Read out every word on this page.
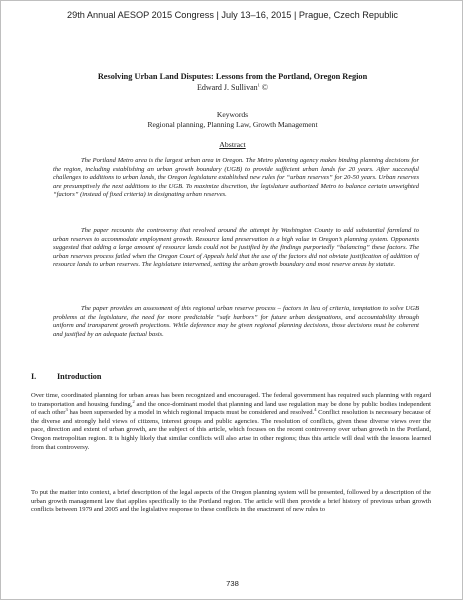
29th Annual AESOP 2015 Congress | July 13–16, 2015 | Prague, Czech Republic
Resolving Urban Land Disputes: Lessons from the Portland, Oregon Region
Edward J. Sullivan$^1$ ©
Keywords
Regional planning, Planning Law, Growth Management
Abstract

The Portland Metro area is the largest urban area in Oregon. The Metro planning agency makes binding planning decisions for the region, including establishing an urban growth boundary (UGB) to provide sufficient urban lands for 20 years. After successful challenges to additions to urban lands, the Oregon legislature established new rules for “urban reserves” for 20-50 years. Urban reserves are presumptively the next additions to the UGB. To maximize discretion, the legislature authorized Metro to balance certain unweighted “factors” (instead of fixed criteria) in designating urban reserves.

The paper recounts the controversy that revolved around the attempt by Washington County to add substantial farmland to urban reserves to accommodate employment growth. Resource land preservation is a high value in Oregon’s planning system. Opponents suggested that adding a large amount of resource lands could not be justified by the findings purportedly “balancing” these factors. The urban reserves process failed when the Oregon Court of Appeals held that the use of the factors did not obviate justification of addition of resource lands to urban reserves. The legislature intervened, setting the urban growth boundary and most reserve areas by statute.

The paper provides an assessment of this regional urban reserve process – factors in lieu of criteria, temptation to solve UGB problems at the legislature, the need for more predictable “safe harbors” for future urban designations, and accountability through uniform and transparent growth projections. While deference may be given regional planning decisions, those decisions must be coherent and justified by an adequate factual basis.

I.	Introduction

Over time, coordinated planning for urban areas has been recognized and encouraged. The federal government has required such planning with regard to transportation and housing funding,$^2$ and the once-dominant model that planning and land use regulation may be done by public bodies independent of each other$^3$ has been superseded by a model in which regional impacts must be considered and resolved.$^4$ Conflict resolution is necessary because of the diverse and strongly held views of citizens, interest groups and public agencies. The resolution of conflicts, given these diverse views over the pace, direction and extent of urban growth, are the subject of this article, which focuses on the recent controversy over urban growth in the Portland, Oregon metropolitan region. It is highly likely that similar conflicts will also arise in other regions; thus this article will deal with the lessons learned from that controversy.

To put the matter into context, a brief description of the legal aspects of the Oregon planning system will be presented, followed by a description of the urban growth management law that applies specifically to the Portland region. The article will then provide a brief history of previous urban growth conflicts between 1979 and 2005 and the legislative response to these conflicts in the enactment of new rules to

738
